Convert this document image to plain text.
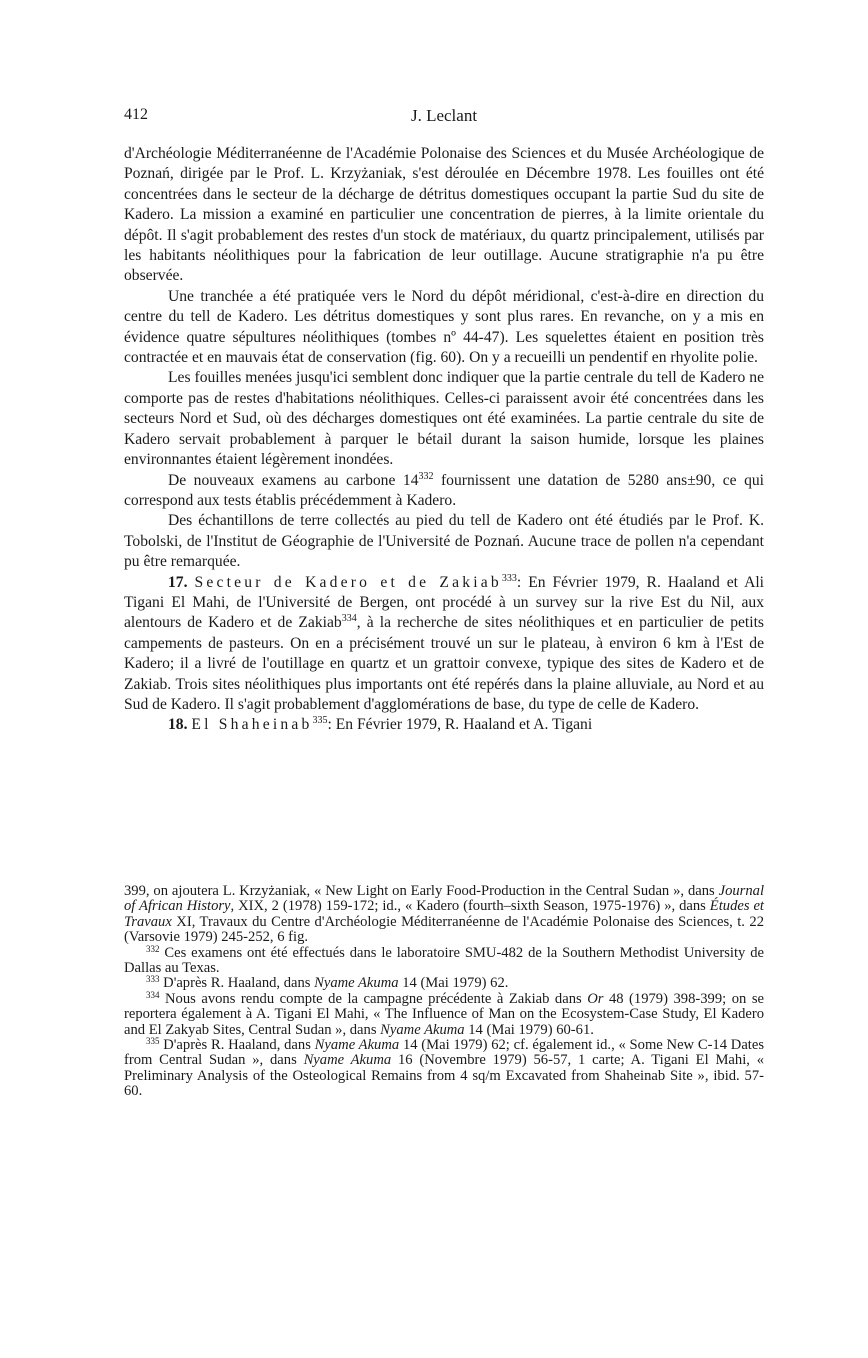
412	J. Leclant

d'Archéologie Méditerranéenne de l'Académie Polonaise des Sciences et du Musée Archéologique de Poznań, dirigée par le Prof. L. Krzyżaniak, s'est déroulée en Décembre 1978. Les fouilles ont été concentrées dans le secteur de la décharge de détritus domestiques occupant la partie Sud du site de Kadero. La mission a examiné en particulier une concentration de pierres, à la limite orientale du dépôt. Il s'agit probablement des restes d'un stock de matériaux, du quartz principalement, utilisés par les habitants néolithiques pour la fabrication de leur outillage. Aucune stratigraphie n'a pu être observée.

Une tranchée a été pratiquée vers le Nord du dépôt méridional, c'est-à-dire en direction du centre du tell de Kadero. Les détritus domestiques y sont plus rares. En revanche, on y a mis en évidence quatre sépultures néolithiques (tombes nº 44-47). Les squelettes étaient en position très contractée et en mauvais état de conservation (fig. 60). On y a recueilli un pendentif en rhyolite polie.

Les fouilles menées jusqu'ici semblent donc indiquer que la partie centrale du tell de Kadero ne comporte pas de restes d'habitations néolithiques. Celles-ci paraissent avoir été concentrées dans les secteurs Nord et Sud, où des décharges domestiques ont été examinées. La partie centrale du site de Kadero servait probablement à parquer le bétail durant la saison humide, lorsque les plaines environnantes étaient légèrement inondées.

De nouveaux examens au carbone $14^{332}$ fournissent une datation de 5280 ans±90, ce qui correspond aux tests établis précédemment à Kadero.

Des échantillons de terre collectés au pied du tell de Kadero ont été étudiés par le Prof. K. Tobolski, de l'Institut de Géographie de l'Université de Poznań. Aucune trace de pollen n'a cependant pu être remarquée.

17. Secteur de Kadero et de Zakiab$^{333}$: En Février 1979, R. Haaland et Ali Tigani El Mahi, de l'Université de Bergen, ont procédé à un survey sur la rive Est du Nil, aux alentours de Kadero et de Zakiab$^{334}$, à la recherche de sites néolithiques et en particulier de petits campements de pasteurs. On en a précisément trouvé un sur le plateau, à environ 6 km à l'Est de Kadero; il a livré de l'outillage en quartz et un grattoir convexe, typique des sites de Kadero et de Zakiab. Trois sites néolithiques plus importants ont été repérés dans la plaine alluviale, au Nord et au Sud de Kadero. Il s'agit probablement d'agglomérations de base, du type de celle de Kadero.

18. El Shaheinab$^{335}$: En Février 1979, R. Haaland et A. Tigani

399, on ajoutera L. Krzyżaniak, « New Light on Early Food-Production in the Central Sudan », dans Journal of African History, XIX, 2 (1978) 159-172; id., « Kadero (fourth–sixth Season, 1975-1976) », dans Études et Travaux XI, Travaux du Centre d'Archéologie Méditerranéenne de l'Académie Polonaise des Sciences, t. 22 (Varsovie 1979) 245-252, 6 fig.

$^{332}$ Ces examens ont été effectués dans le laboratoire SMU-482 de la Southern Methodist University de Dallas au Texas.

$^{333}$ D'après R. Haaland, dans Nyame Akuma 14 (Mai 1979) 62.

$^{334}$ Nous avons rendu compte de la campagne précédente à Zakiab dans Or 48 (1979) 398-399; on se reportera également à A. Tigani El Mahi, « The Influence of Man on the Ecosystem-Case Study, El Kadero and El Zakyab Sites, Central Sudan », dans Nyame Akuma 14 (Mai 1979) 60-61.

$^{335}$ D'après R. Haaland, dans Nyame Akuma 14 (Mai 1979) 62; cf. également id., « Some New C-14 Dates from Central Sudan », dans Nyame Akuma 16 (Novembre 1979) 56-57, 1 carte; A. Tigani El Mahi, « Preliminary Analysis of the Osteological Remains from 4 sq/m Excavated from Shaheinab Site », ibid. 57-60.
